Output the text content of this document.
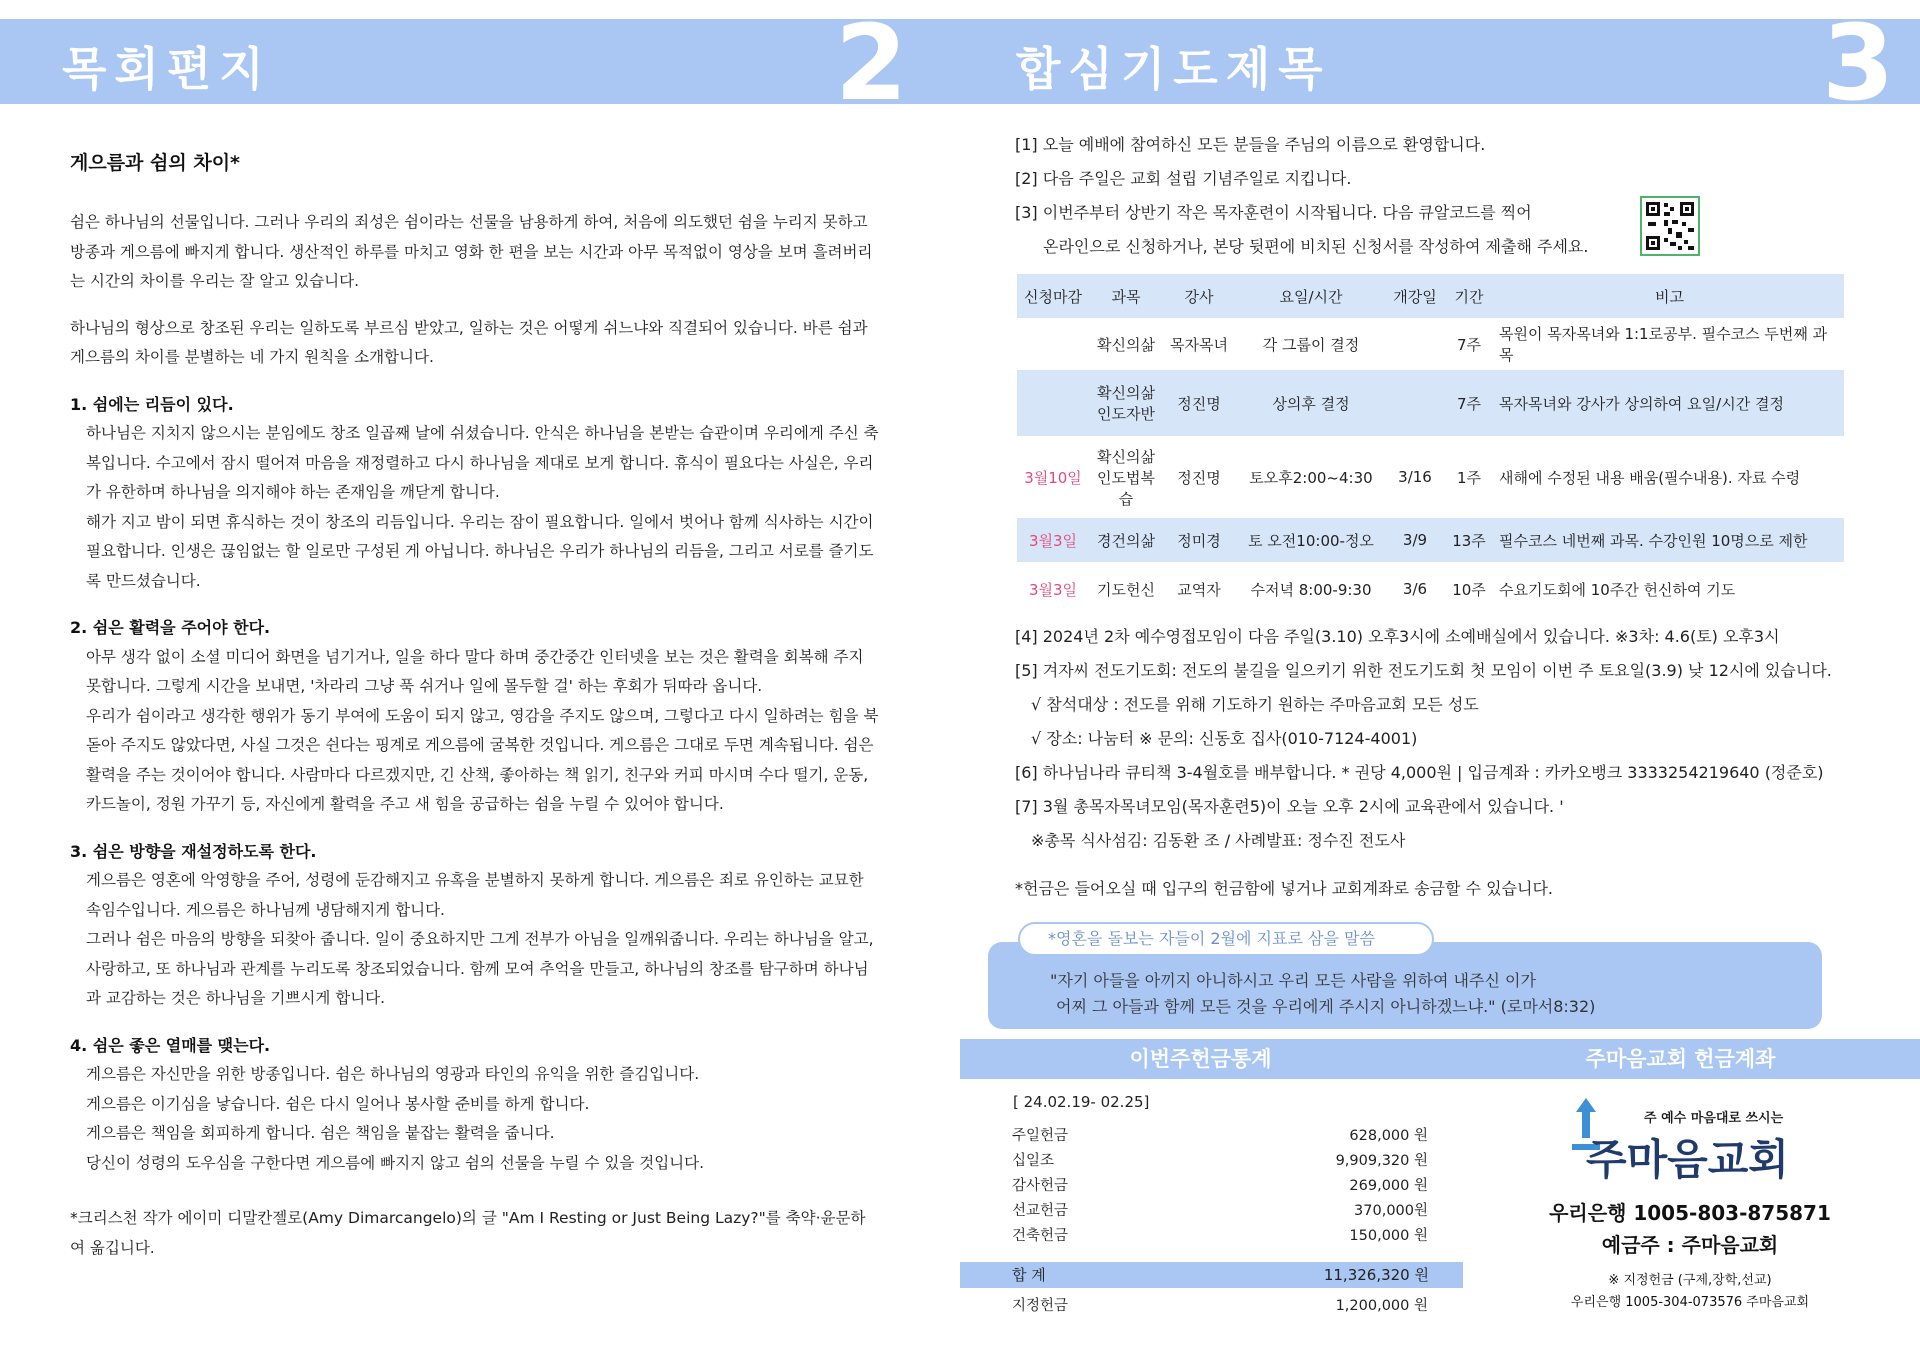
목회편지	2 합심기도제목	3
게으름과 쉼의 차이*

쉼은 하나님의 선물입니다. 그러나 우리의 죄성은 쉼이라는 선물을 남용하게 하여, 처음에 의도했던 쉼을 누리지 못하고 방종과 게으름에 빠지게 합니다. 생산적인 하루를 마치고 영화 한 편을 보는 시간과 아무 목적없이 영상을 보며 흘려버리는 시간의 차이를 우리는 잘 알고 있습니다.

하나님의 형상으로 창조된 우리는 일하도록 부르심 받았고, 일하는 것은 어떻게 쉬느냐와 직결되어 있습니다. 바른 쉼과 게으름의 차이를 분별하는 네 가지 원칙을 소개합니다.

1. 쉼에는 리듬이 있다.
하나님은 지치지 않으시는 분임에도 창조 일곱째 날에 쉬셨습니다. 안식은 하나님을 본받는 습관이며 우리에게 주신 축복입니다. 수고에서 잠시 떨어져 마음을 재정렬하고 다시 하나님을 제대로 보게 합니다. 휴식이 필요다는 사실은, 우리가 유한하며 하나님을 의지해야 하는 존재임을 깨닫게 합니다.
해가 지고 밤이 되면 휴식하는 것이 창조의 리듬입니다. 우리는 잠이 필요합니다. 일에서 벗어나 함께 식사하는 시간이 필요합니다. 인생은 끊임없는 할 일로만 구성된 게 아닙니다. 하나님은 우리가 하나님의 리듬을, 그리고 서로를 즐기도록 만드셨습니다.
2. 쉼은 활력을 주어야 한다.
아무 생각 없이 소셜 미디어 화면을 넘기거나, 일을 하다 말다 하며 중간중간 인터넷을 보는 것은 활력을 회복해 주지 못합니다. 그렇게 시간을 보내면, '차라리 그냥 푹 쉬거나 일에 몰두할 걸' 하는 후회가 뒤따라 옵니다.
우리가 쉼이라고 생각한 행위가 동기 부여에 도움이 되지 않고, 영감을 주지도 않으며, 그렇다고 다시 일하려는 힘을 북돋아 주지도 않았다면, 사실 그것은 쉰다는 핑계로 게으름에 굴복한 것입니다. 게으름은 그대로 두면 계속됩니다. 쉼은 활력을 주는 것이어야 합니다. 사람마다 다르겠지만, 긴 산책, 좋아하는 책 읽기, 친구와 커피 마시며 수다 떨기, 운동, 카드놀이, 정원 가꾸기 등, 자신에게 활력을 주고 새 힘을 공급하는 쉼을 누릴 수 있어야 합니다.
3. 쉼은 방향을 재설정하도록 한다.
게으름은 영혼에 악영향을 주어, 성령에 둔감해지고 유혹을 분별하지 못하게 합니다. 게으름은 죄로 유인하는 교묘한 속임수입니다. 게으름은 하나님께 냉담해지게 합니다.
그러나 쉼은 마음의 방향을 되찾아 줍니다. 일이 중요하지만 그게 전부가 아님을 일깨워줍니다. 우리는 하나님을 알고, 사랑하고, 또 하나님과 관계를 누리도록 창조되었습니다. 함께 모여 추억을 만들고, 하나님의 창조를 탐구하며 하나님과 교감하는 것은 하나님을 기쁘시게 합니다.
4. 쉼은 좋은 열매를 맺는다.
게으름은 자신만을 위한 방종입니다. 쉼은 하나님의 영광과 타인의 유익을 위한 즐김입니다.
게으름은 이기심을 낳습니다. 쉼은 다시 일어나 봉사할 준비를 하게 합니다.
게으름은 책임을 회피하게 합니다. 쉼은 책임을 붙잡는 활력을 줍니다.
당신이 성령의 도우심을 구한다면 게으름에 빠지지 않고 쉼의 선물을 누릴 수 있을 것입니다.
*크리스천 작가 에이미 디말칸젤로(Amy Dimarcangelo)의 글 "Am I Resting or Just Being Lazy?"를 축약·윤문하여 옮깁니다.
[1] 오늘 예배에 참여하신 모든 분들을 주님의 이름으로 환영합니다.
[2] 다음 주일은 교회 설립 기념주일로 지킵니다.
[3] 이번주부터 상반기 작은 목자훈련이 시작됩니다. 다음 큐알코드를 찍어
온라인으로 신청하거나, 본당 뒷편에 비치된 신청서를 작성하여 제출해 주세요.
신청마감	과목	강사	요일/시간	개강일	기간	비고
	확신의삶	목자목녀	각 그룹이 결정		7주	목원이 목자목녀와 1:1로공부. 필수코스 두번째 과목
	확신의삶 인도자반	정진명	상의후 결정		7주	목자목녀와 강사가 상의하여 요일/시간 결정
3월10일	확신의삶 인도법복습	정진명	토오후2:00~4:30	3/16	1주	새해에 수정된 내용 배움(필수내용). 자료 수령
3월3일	경건의삶	정미경	토 오전10:00-정오	3/9	13주	필수코스 네번째 과목. 수강인원 10명으로 제한
3월3일	기도헌신	교역자	수저녁 8:00-9:30	3/6	10주	수요기도회에 10주간 헌신하여 기도
[4] 2024년 2차 예수영접모임이 다음 주일(3.10) 오후3시에 소예배실에서 있습니다. ※3차: 4.6(토) 오후3시
[5] 겨자씨 전도기도회: 전도의 불길을 일으키기 위한 전도기도회 첫 모임이 이번 주 토요일(3.9) 낮 12시에 있습니다.
√ 참석대상 : 전도를 위해 기도하기 원하는 주마음교회 모든 성도
√ 장소: 나눔터 ※ 문의: 신동호 집사(010-7124-4001)
[6] 하나님나라 큐티책 3-4월호를 배부합니다. * 권당 4,000원 | 입금계좌 : 카카오뱅크 3333254219640 (정준호)
[7] 3월 총목자목녀모임(목자훈련5)이 오늘 오후 2시에 교육관에서 있습니다. '
※총목 식사섬김: 김동환 조 / 사례발표: 정수진 전도사
*헌금은 들어오실 때 입구의 헌금함에 넣거나 교회계좌로 송금할 수 있습니다.
*영혼을 돌보는 자들이 2월에 지표로 삼을 말씀
"자기 아들을 아끼지 아니하시고 우리 모든 사람을 위하여 내주신 이가
어찌 그 아들과 함께 모든 것을 우리에게 주시지 아니하겠느냐." (로마서8:32)
이번주헌금통계	주마음교회 헌금계좌
[ 24.02.19- 02.25]
주일헌금	628,000 원
십일조	9,909,320 원
감사헌금	269,000 원
선교헌금	370,000원
건축헌금	150,000 원
합 계	11,326,320 원
지정헌금	1,200,000 원
주 예수 마음대로 쓰시는
주마음교회
우리은행 1005-803-875871
예금주 : 주마음교회
※ 지정헌금 (구제,장학,선교)
우리은행 1005-304-073576 주마음교회
